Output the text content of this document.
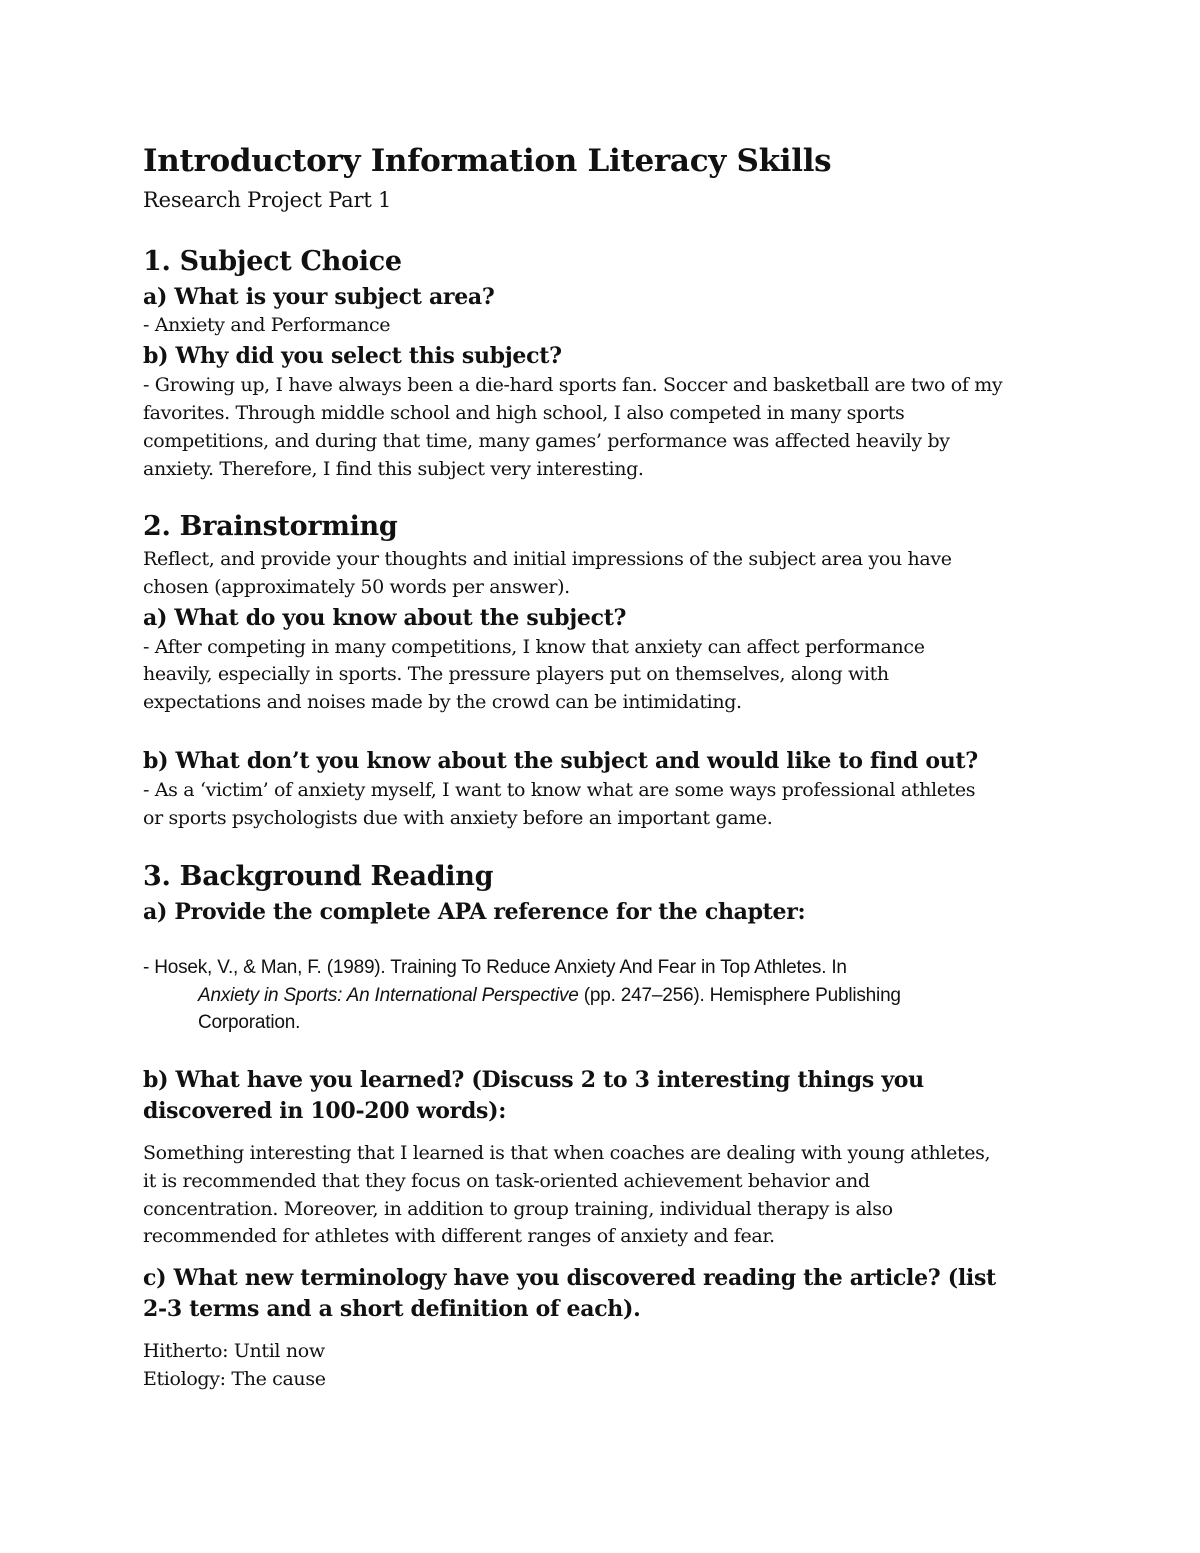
Introductory Information Literacy Skills

Research Project Part 1

1. Subject Choice

a) What is your subject area?

- Anxiety and Performance

b) Why did you select this subject?

- Growing up, I have always been a die-hard sports fan. Soccer and basketball are two of my

favorites. Through middle school and high school, I also competed in many sports

competitions, and during that time, many games’ performance was affected heavily by

anxiety. Therefore, I find this subject very interesting.

2. Brainstorming

Reflect, and provide your thoughts and initial impressions of the subject area you have

chosen (approximately 50 words per answer).

a) What do you know about the subject?

- After competing in many competitions, I know that anxiety can affect performance

heavily, especially in sports. The pressure players put on themselves, along with

expectations and noises made by the crowd can be intimidating.

b) What don’t you know about the subject and would like to find out?

- As a ‘victim’ of anxiety myself, I want to know what are some ways professional athletes

or sports psychologists due with anxiety before an important game.

3. Background Reading

a) Provide the complete APA reference for the chapter:

- Hosek, V., & Man, F. (1989). Training To Reduce Anxiety And Fear in Top Athletes. In

Anxiety in Sports: An International Perspective (pp. 247–256). Hemisphere Publishing

Corporation.

b) What have you learned? (Discuss 2 to 3 interesting things you

discovered in 100-200 words):

Something interesting that I learned is that when coaches are dealing with young athletes,

it is recommended that they focus on task-oriented achievement behavior and

concentration. Moreover, in addition to group training, individual therapy is also

recommended for athletes with different ranges of anxiety and fear.

c) What new terminology have you discovered reading the article? (list

2-3 terms and a short definition of each).

Hitherto: Until now

Etiology: The cause
